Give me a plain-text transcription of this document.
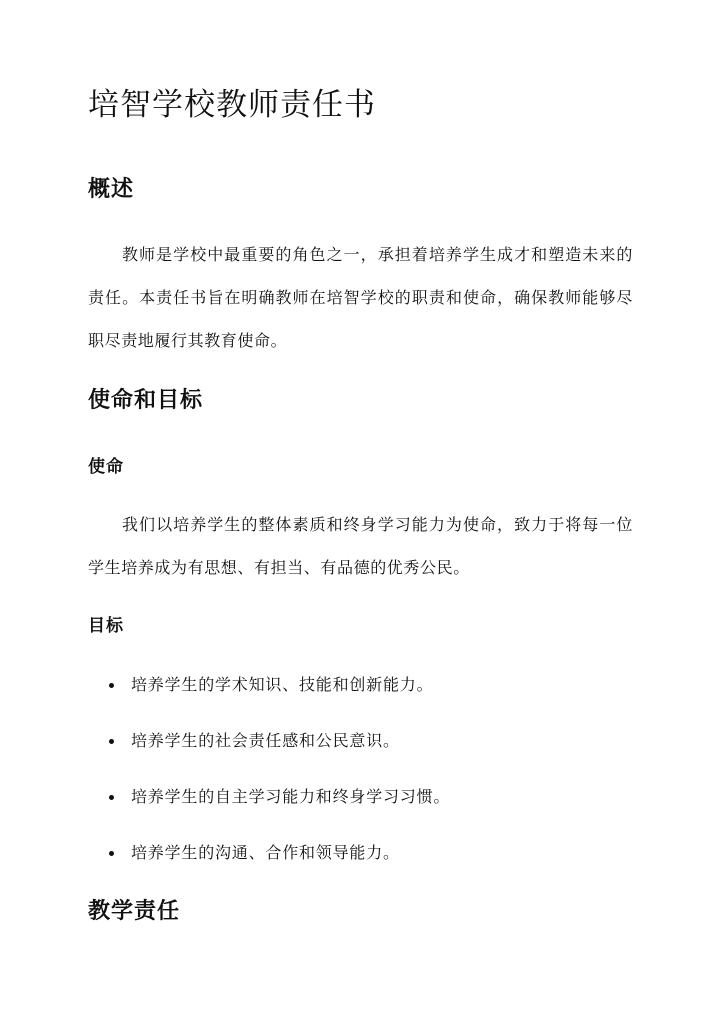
培智学校教师责任书
概述

教师是学校中最重要的角色之一，承担着培养学生成才和塑造未来的责任。本责任书旨在明确教师在培智学校的职责和使命，确保教师能够尽职尽责地履行其教育使命。

使命和目标
使命

我们以培养学生的整体素质和终身学习能力为使命，致力于将每一位学生培养成为有思想、有担当、有品德的优秀公民。

目标
培养学生的学术知识、技能和创新能力。
培养学生的社会责任感和公民意识。
培养学生的自主学习能力和终身学习习惯。
培养学生的沟通、合作和领导能力。
教学责任
